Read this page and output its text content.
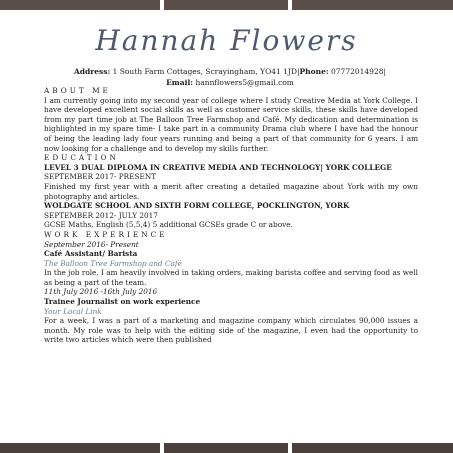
Hannah Flowers
Address: 1 South Farm Cottages, Scrayingham, YO41 1JD|Phone: 07772014928|
Email: hannflowers5@gmail.com

ABOUT ME

I am currently going into my second year of college where I study Creative Media at York College. I have developed excellent social skills as well as customer service skills, these skills have developed from my part time job at The Balloon Tree Farmshop and Café. My dedication and determination is highlighted in my spare time- I take part in a community Drama club where I have had the honour of being the leading lady four years running and being a part of that community for 6 years. I am now looking for a challenge and to develop my skills further.

EDUCATION

LEVEL 3 DUAL DIPLOMA IN CREATIVE MEDIA AND TECHNOLOGY| YORK COLLEGE

SEPTEMBER 2017- PRESENT

Finished my first year with a merit after creating a detailed magazine about York with my own photography and articles.

WOLDGATE SCHOOL AND SIXTH FORM COLLEGE, POCKLINGTON, YORK

SEPTEMBER 2012- JULY 2017

GCSE Maths, English (5,5,4) 5 additional GCSEs grade C or above.

WORK EXPERIENCE

September 2016- Present

Café Assistant/ Barista

The Balloon Tree Farmshop and Café

In the job role, I am heavily involved in taking orders, making barista coffee and serving food as well as being a part of the team.

11th July 2016 -16th July 2016

Trainee Journalist on work experience

Your Local Link

For a week, I was a part of a marketing and magazine company which circulates 90,000 issues a month. My role was to help with the editing side of the magazine, I even had the opportunity to write two articles which were then published
